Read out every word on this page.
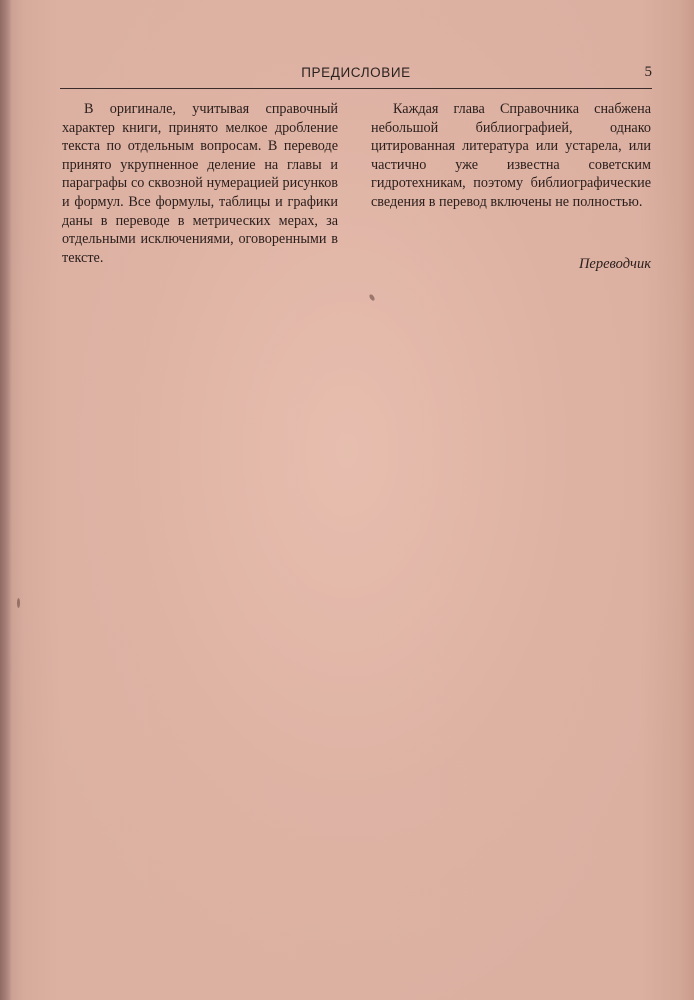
ПРЕДИСЛОВИЕ	5

В оригинале, учитывая справочный характер книги, принято мелкое дробление текста по отдельным вопросам. В переводе принято укрупненное деление на главы и параграфы со сквозной нумерацией рисунков и формул. Все формулы, таблицы и графики даны в переводе в метрических мерах, за отдельными исключениями, оговоренными в тексте.

Каждая глава Справочника снабжена небольшой библиографией, однако цитированная литература или устарела, или частично уже известна советским гидротехникам, поэтому библиографические сведения в перевод включены не полностью.

Переводчик
